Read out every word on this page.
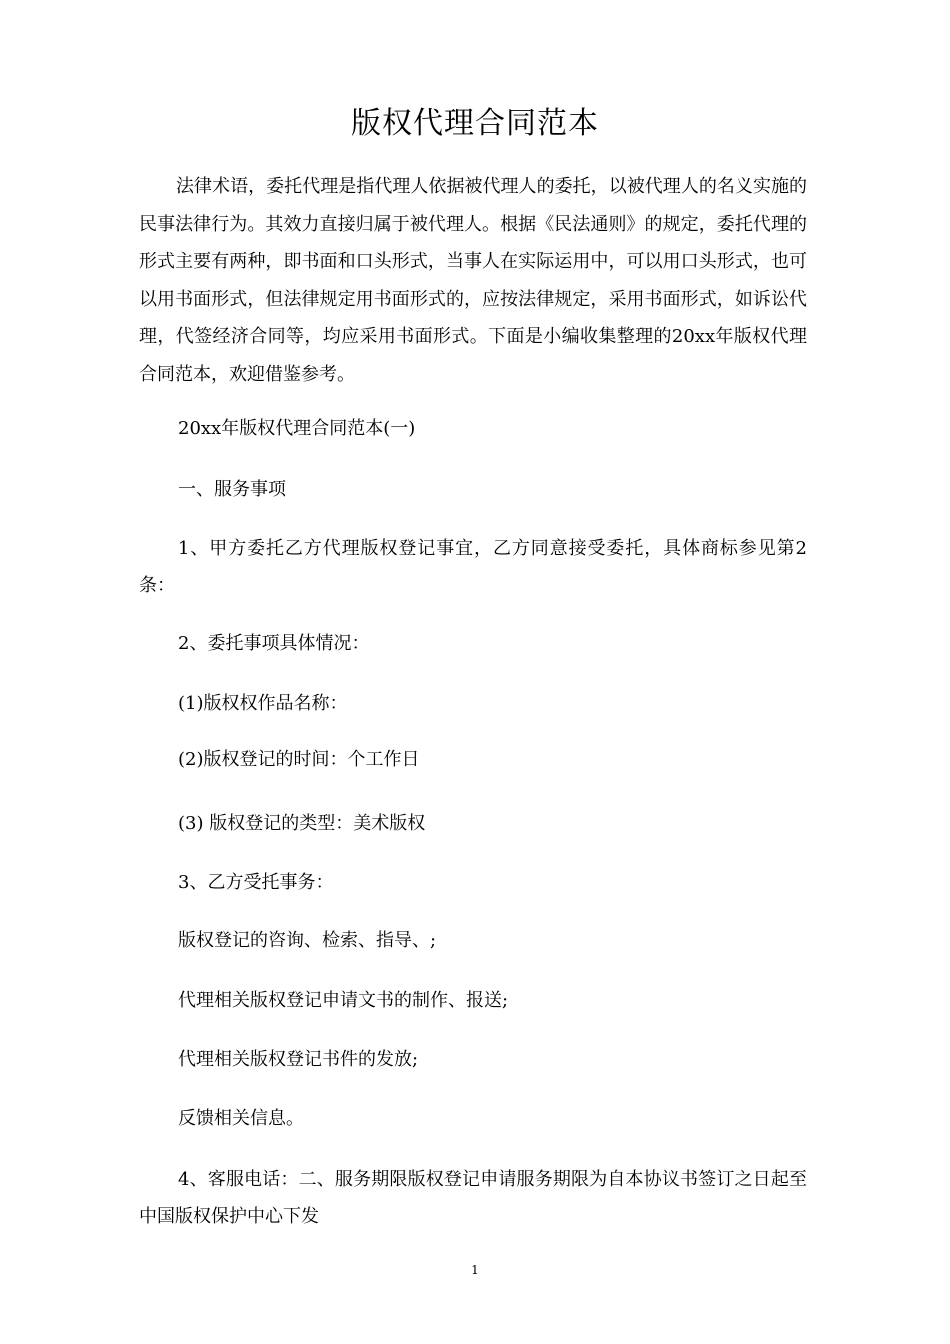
版权代理合同范本

法律术语，委托代理是指代理人依据被代理人的委托，以被代理人的名义实施的民事法律行为。其效力直接归属于被代理人。根据《民法通则》的规定，委托代理的形式主要有两种，即书面和口头形式，当事人在实际运用中，可以用口头形式，也可以用书面形式，但法律规定用书面形式的，应按法律规定，采用书面形式，如诉讼代理，代签经济合同等，均应采用书面形式。下面是小编收集整理的20xx年版权代理合同范本，欢迎借鉴参考。

20xx年版权代理合同范本(一)

一、服务事项

1、甲方委托乙方代理版权登记事宜，乙方同意接受委托，具体商标参见第2条：

2、委托事项具体情况：

(1)版权权作品名称：

(2)版权登记的时间：个工作日

(3) 版权登记的类型：美术版权

3、乙方受托事务：

版权登记的咨询、检索、指导、;

代理相关版权登记申请文书的制作、报送;

代理相关版权登记书件的发放;

反馈相关信息。

4、客服电话：二、服务期限版权登记申请服务期限为自本协议书签订之日起至中国版权保护中心下发

1
